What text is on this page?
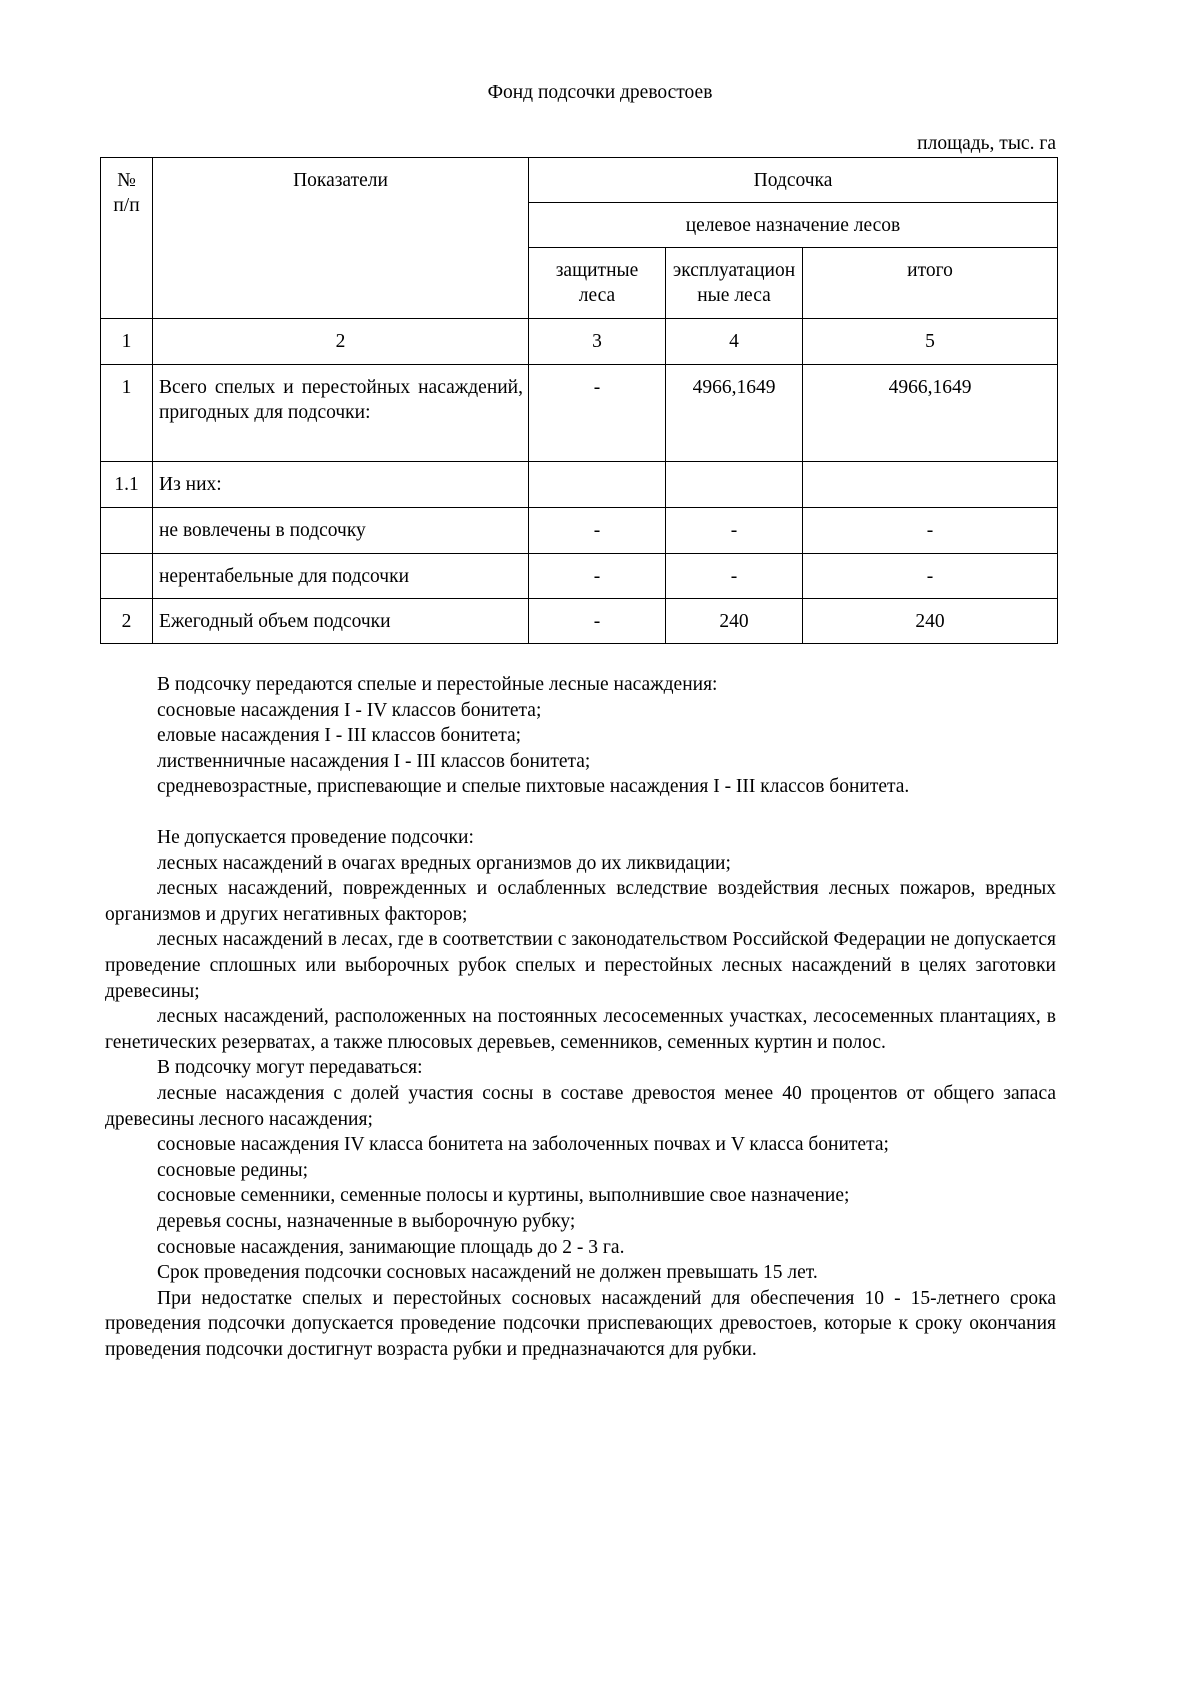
Фонд подсочки древостоев
площадь, тыс. га
№ п/п	Показатели	Подсочка		
		целевое назначение лесов		
		защитные леса	эксплуатационные леса	итого
1	2	3	4	5
1	Всего спелых и перестойных насаждений, пригодных для подсочки:	-	4966,1649	4966,1649
1.1	Из них:			
	не вовлечены в подсочку	-	-	-
	нерентабельные для подсочки	-	-	-
2	Ежегодный объем подсочки	-	240	240

В подсочку передаются спелые и перестойные лесные насаждения:

сосновые насаждения I - IV классов бонитета;

еловые насаждения I - III классов бонитета;

лиственничные насаждения I - III классов бонитета;

средневозрастные, приспевающие и спелые пихтовые насаждения I - III классов бонитета.

Не допускается проведение подсочки:

лесных насаждений в очагах вредных организмов до их ликвидации;

лесных насаждений, поврежденных и ослабленных вследствие воздействия лесных пожаров, вредных организмов и других негативных факторов;

лесных насаждений в лесах, где в соответствии с законодательством Российской Федерации не допускается проведение сплошных или выборочных рубок спелых и перестойных лесных насаждений в целях заготовки древесины;

лесных насаждений, расположенных на постоянных лесосеменных участках, лесосеменных плантациях, в генетических резерватах, а также плюсовых деревьев, семенников, семенных куртин и полос.

В подсочку могут передаваться:

лесные насаждения с долей участия сосны в составе древостоя менее 40 процентов от общего запаса древесины лесного насаждения;

сосновые насаждения IV класса бонитета на заболоченных почвах и V класса бонитета;

сосновые редины;

сосновые семенники, семенные полосы и куртины, выполнившие свое назначение;

деревья сосны, назначенные в выборочную рубку;

сосновые насаждения, занимающие площадь до 2 - 3 га.

Срок проведения подсочки сосновых насаждений не должен превышать 15 лет.

При недостатке спелых и перестойных сосновых насаждений для обеспечения 10 - 15-летнего срока проведения подсочки допускается проведение подсочки приспевающих древостоев, которые к сроку окончания проведения подсочки достигнут возраста рубки и предназначаются для рубки.
